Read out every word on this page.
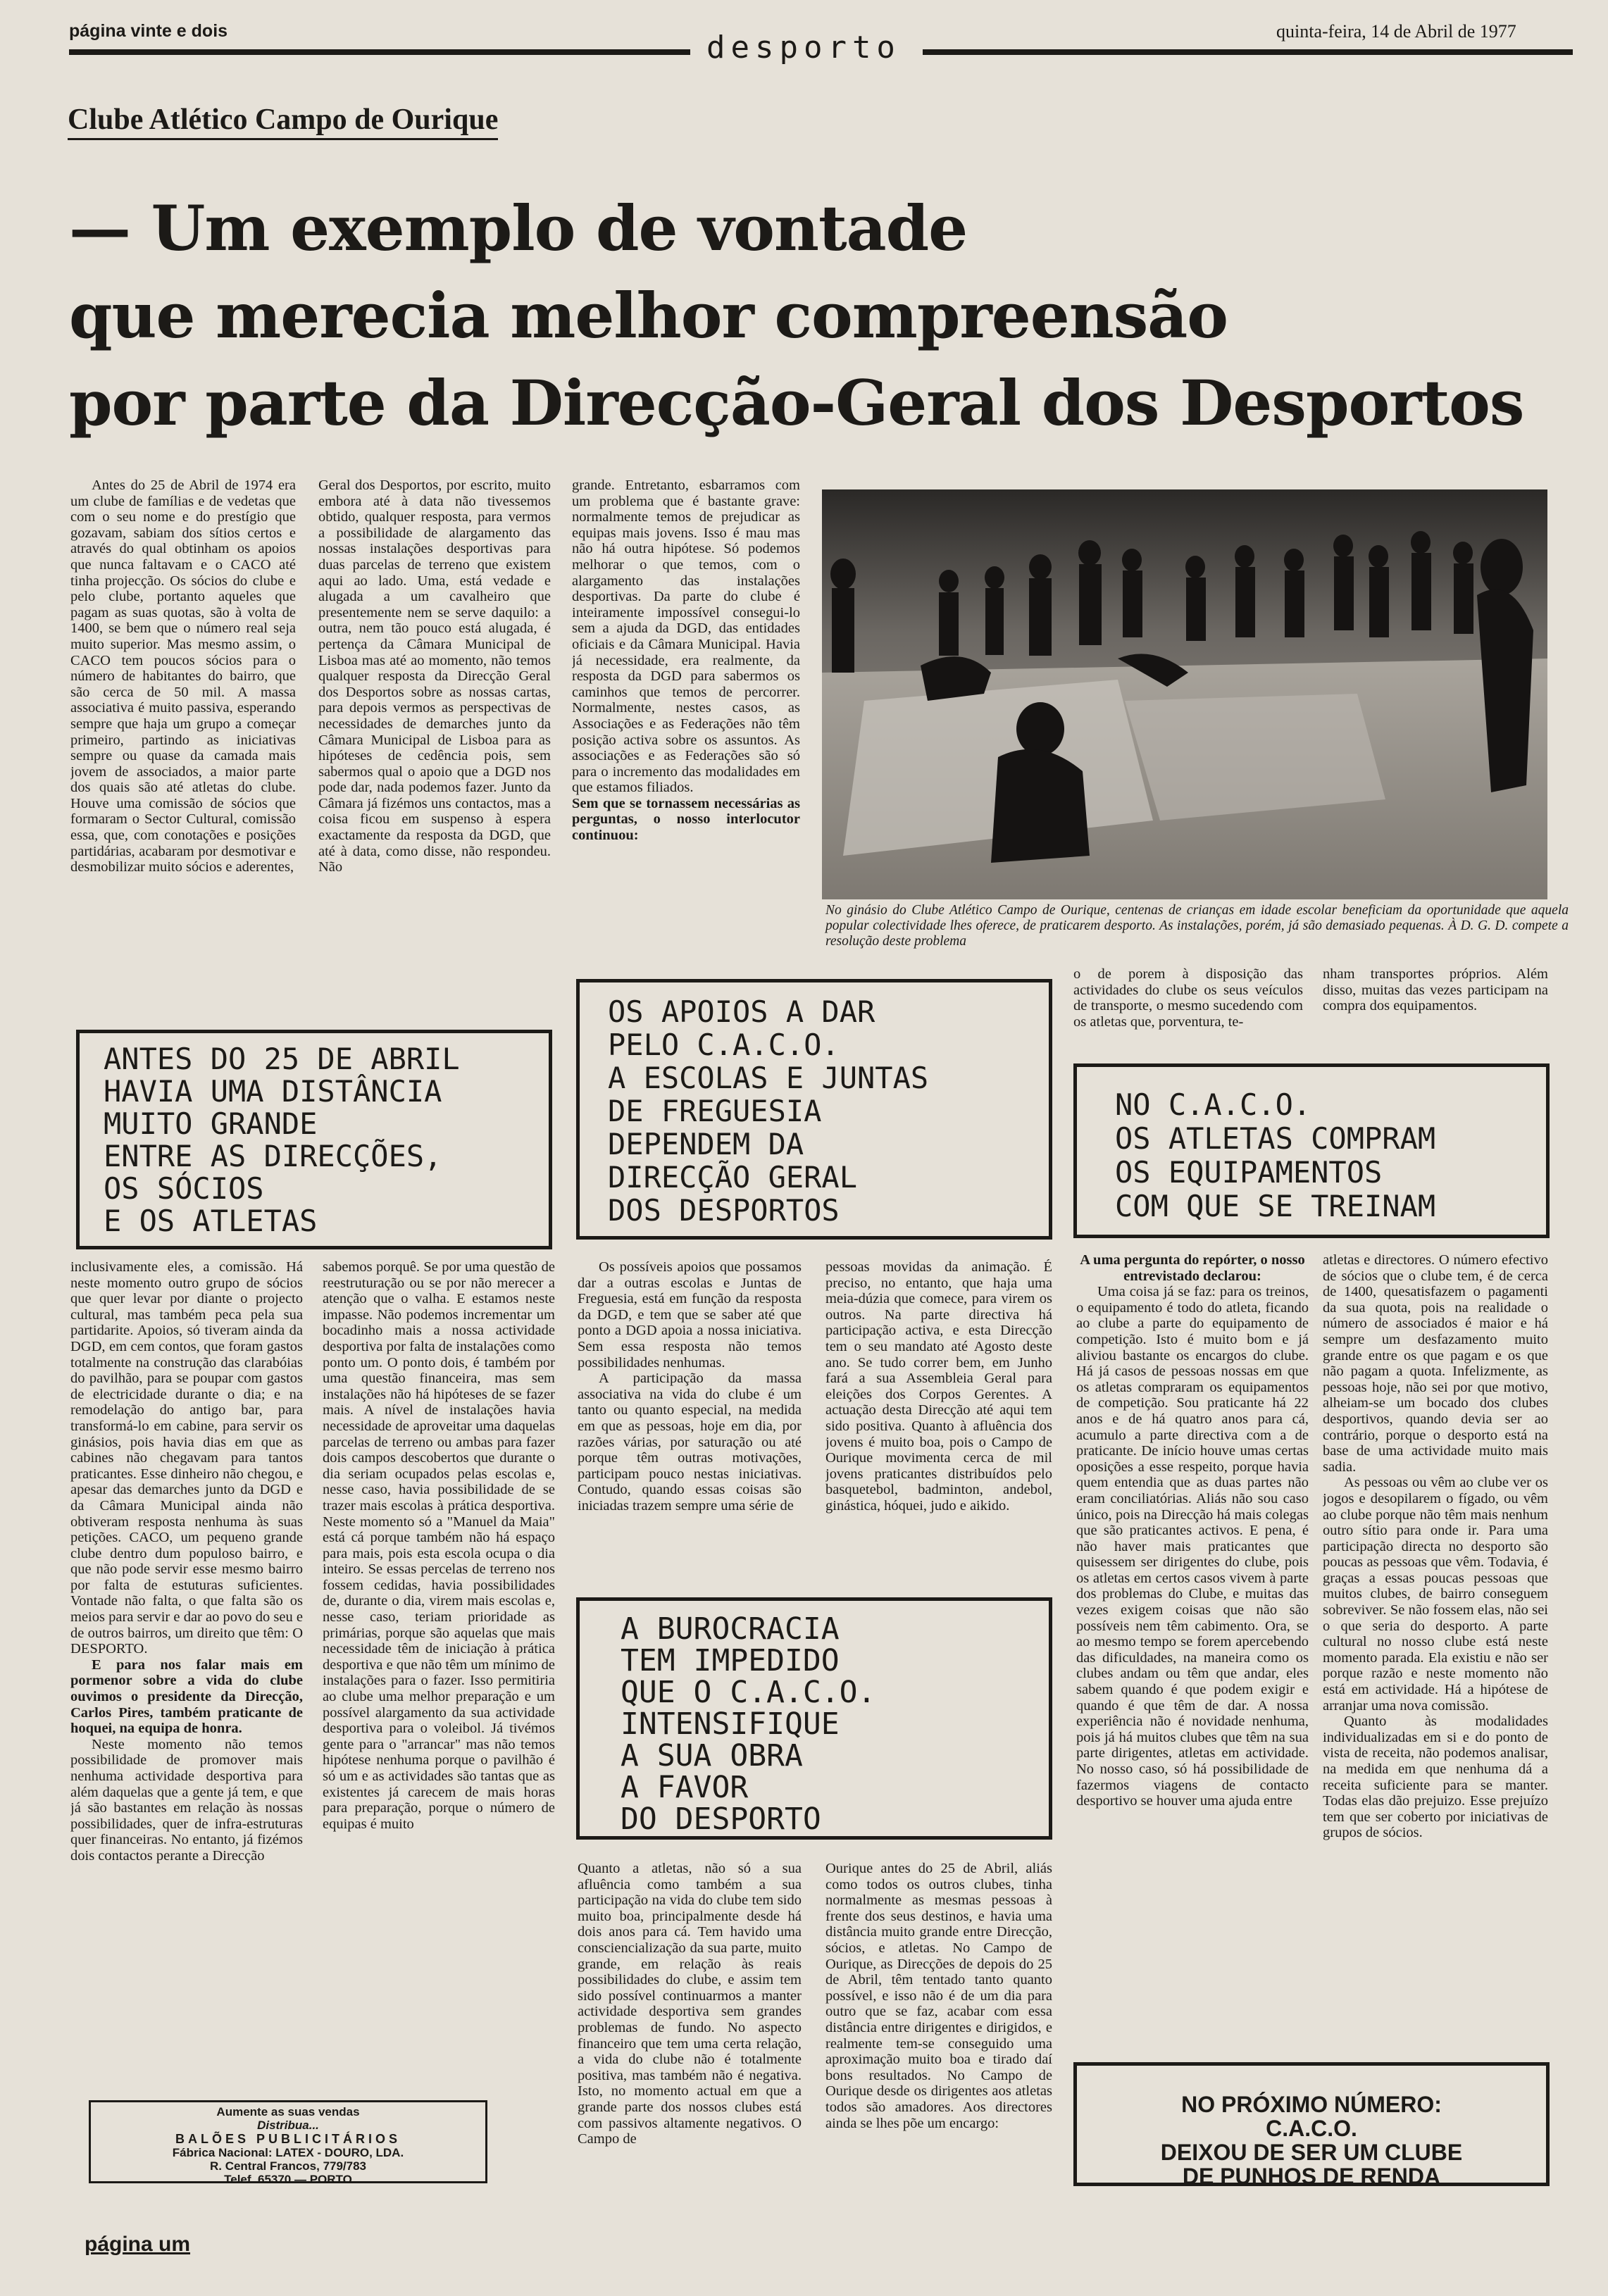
página vinte e dois	quinta-feira, 14 de Abril de 1977
desporto
Clube Atlético Campo de Ourique
— Um exemplo de vontade
que merecia melhor compreensão
por parte da Direcção-Geral dos Desportos

Antes do 25 de Abril de 1974 era um clube de famílias e de vedetas que com o seu nome e do prestígio que gozavam, sabiam dos sítios certos e através do qual obtinham os apoios que nunca faltavam e o CACO até tinha projecção. Os sócios do clube e pelo clube, portanto aqueles que pagam as suas quotas, são à volta de 1400, se bem que o número real seja muito superior. Mas mesmo assim, o CACO tem poucos sócios para o número de habitantes do bairro, que são cerca de 50 mil. A massa associativa é muito passiva, esperando sempre que haja um grupo a começar primeiro, partindo as iniciativas sempre ou quase da camada mais jovem de associados, a maior parte dos quais são até atletas do clube. Houve uma comissão de sócios que formaram o Sector Cultural, comissão essa, que, com conotações e posições partidárias, acabaram por desmotivar e desmobilizar muito sócios e aderentes,

Geral dos Desportos, por escrito, muito embora até à data não tivessemos obtido, qualquer resposta, para vermos a possibilidade de alargamento das nossas instalações desportivas para duas parcelas de terreno que existem aqui ao lado. Uma, está vedade e alugada a um cavalheiro que presentemente nem se serve daquilo: a outra, nem tão pouco está alugada, é pertença da Câmara Municipal de Lisboa mas até ao momento, não temos qualquer resposta da Direcção Geral dos Desportos sobre as nossas cartas, para depois vermos as perspectivas de necessidades de demarches junto da Câmara Municipal de Lisboa para as hipóteses de cedência pois, sem sabermos qual o apoio que a DGD nos pode dar, nada podemos fazer. Junto da Câmara já fizémos uns contactos, mas a coisa ficou em suspenso à espera exactamente da resposta da DGD, que até à data, como disse, não respondeu. Não

grande. Entretanto, esbarramos com um problema que é bastante grave: normalmente temos de prejudicar as equipas mais jovens. Isso é mau mas não há outra hipótese. Só podemos melhorar o que temos, com o alargamento das instalações desportivas. Da parte do clube é inteiramente impossível consegui-lo sem a ajuda da DGD, das entidades oficiais e da Câmara Municipal. Havia já necessidade, era realmente, da resposta da DGD para sabermos os caminhos que temos de percorrer. Normalmente, nestes casos, as Associações e as Federações não têm posição activa sobre os assuntos. As associações e as Federações são só para o incremento das modalidades em que estamos filiados.

Sem que se tornassem necessárias as perguntas, o nosso interlocutor continuou:

No ginásio do Clube Atlético Campo de Ourique, centenas de crianças em idade escolar beneficiam da oportunidade que aquela popular colectividade lhes oferece, de praticarem desporto. As instalações, porém, já são demasiado pequenas. À D. G. D. compete a resolução deste problema

o de porem à disposição das actividades do clube os seus veículos de transporte, o mesmo sucedendo com os atletas que, porventura, te-

nham transportes próprios. Além disso, muitas das vezes participam na compra dos equipamentos.

ANTES DO 25 DE ABRIL
HAVIA UMA DISTÂNCIA
MUITO GRANDE
ENTRE AS DIRECÇÕES,
OS SÓCIOS
E OS ATLETAS
OS APOIOS A DAR
PELO C.A.C.O.
A ESCOLAS E JUNTAS
DE FREGUESIA
DEPENDEM DA
DIRECÇÃO GERAL
DOS DESPORTOS
NO C.A.C.O.
OS ATLETAS COMPRAM
OS EQUIPAMENTOS
COM QUE SE TREINAM
A BUROCRACIA
TEM IMPEDIDO
QUE O C.A.C.O.
INTENSIFIQUE
A SUA OBRA
A FAVOR
DO DESPORTO
NO PRÓXIMO NÚMERO: C.A.C.O.
DEIXOU DE SER UM CLUBE
DE PUNHOS DE RENDA

inclusivamente eles, a comissão. Há neste momento outro grupo de sócios que quer levar por diante o projecto cultural, mas também peca pela sua partidarite. Apoios, só tiveram ainda da DGD, em cem contos, que foram gastos totalmente na construção das clarabóias do pavilhão, para se poupar com gastos de electricidade durante o dia; e na remodelação do antigo bar, para transformá-lo em cabine, para servir os ginásios, pois havia dias em que as cabines não chegavam para tantos praticantes. Esse dinheiro não chegou, e apesar das demarches junto da DGD e da Câmara Municipal ainda não obtiveram resposta nenhuma às suas petições. CACO, um pequeno grande clube dentro dum populoso bairro, e que não pode servir esse mesmo bairro por falta de estuturas suficientes. Vontade não falta, o que falta são os meios para servir e dar ao povo do seu e de outros bairros, um direito que têm: O DESPORTO.

E para nos falar mais em pormenor sobre a vida do clube ouvimos o presidente da Direcção, Carlos Pires, também praticante de hoquei, na equipa de honra.

Neste momento não temos possibilidade de promover mais nenhuma actividade desportiva para além daquelas que a gente já tem, e que já são bastantes em relação às nossas possibilidades, quer de infra-estruturas quer financeiras. No entanto, já fizémos dois contactos perante a Direcção

sabemos porquê. Se por uma questão de reestruturação ou se por não merecer a atenção que o valha. E estamos neste impasse. Não podemos incrementar um bocadinho mais a nossa actividade desportiva por falta de instalações como ponto um. O ponto dois, é também por uma questão financeira, mas sem instalações não há hipóteses de se fazer mais. A nível de instalações havia necessidade de aproveitar uma daquelas parcelas de terreno ou ambas para fazer dois campos descobertos que durante o dia seriam ocupados pelas escolas e, nesse caso, havia possibilidade de se trazer mais escolas à prática desportiva. Neste momento só a "Manuel da Maia" está cá porque também não há espaço para mais, pois esta escola ocupa o dia inteiro. Se essas percelas de terreno nos fossem cedidas, havia possibilidades de, durante o dia, virem mais escolas e, nesse caso, teriam prioridade as primárias, porque são aquelas que mais necessidade têm de iniciação à prática desportiva e que não têm um mínimo de instalações para o fazer. Isso permitiria ao clube uma melhor preparação e um possível alargamento da sua actividade desportiva para o voleibol. Já tivémos gente para o "arrancar" mas não temos hipótese nenhuma porque o pavilhão é só um e as actividades são tantas que as existentes já carecem de mais horas para preparação, porque o número de equipas é muito

Os possíveis apoios que possamos dar a outras escolas e Juntas de Freguesia, está em função da resposta da DGD, e tem que se saber até que ponto a DGD apoia a nossa iniciativa. Sem essa resposta não temos possibilidades nenhumas.

A participação da massa associativa na vida do clube é um tanto ou quanto especial, na medida em que as pessoas, hoje em dia, por razões várias, por saturação ou até porque têm outras motivações, participam pouco nestas iniciativas. Contudo, quando essas coisas são iniciadas trazem sempre uma série de

pessoas movidas da animação. É preciso, no entanto, que haja uma meia-dúzia que comece, para virem os outros. Na parte directiva há participação activa, e esta Direcção tem o seu mandato até Agosto deste ano. Se tudo correr bem, em Junho fará a sua Assembleia Geral para eleições dos Corpos Gerentes. A actuação desta Direcção até aqui tem sido positiva. Quanto à afluência dos jovens é muito boa, pois o Campo de Ourique movimenta cerca de mil jovens praticantes distribuídos pelo basquetebol, badminton, andebol, ginástica, hóquei, judo e aikido.

Quanto a atletas, não só a sua afluência como também a sua participação na vida do clube tem sido muito boa, principalmente desde há dois anos para cá. Tem havido uma consciencialização da sua parte, muito grande, em relação às reais possibilidades do clube, e assim tem sido possível continuarmos a manter actividade desportiva sem grandes problemas de fundo. No aspecto financeiro que tem uma certa relação, a vida do clube não é totalmente positiva, mas também não é negativa. Isto, no momento actual em que a grande parte dos nossos clubes está com passivos altamente negativos. O Campo de

Ourique antes do 25 de Abril, aliás como todos os outros clubes, tinha normalmente as mesmas pessoas à frente dos seus destinos, e havia uma distância muito grande entre Direcção, sócios, e atletas. No Campo de Ourique, as Direcções de depois do 25 de Abril, têm tentado tanto quanto possível, e isso não é de um dia para outro que se faz, acabar com essa distância entre dirigentes e dirigidos, e realmente tem-se conseguido uma aproximação muito boa e tirado daí bons resultados. No Campo de Ourique desde os dirigentes aos atletas todos são amadores. Aos directores ainda se lhes põe um encargo:

A uma pergunta do repórter, o nosso entrevistado declarou:

Uma coisa já se faz: para os treinos, o equipamento é todo do atleta, ficando ao clube a parte do equipamento de competição. Isto é muito bom e já aliviou bastante os encargos do clube. Há já casos de pessoas nossas em que os atletas compraram os equipamentos de competição. Sou praticante há 22 anos e de há quatro anos para cá, acumulo a parte directiva com a de praticante. De início houve umas certas oposições a esse respeito, porque havia quem entendia que as duas partes não eram conciliatórias. Aliás não sou caso único, pois na Direcção há mais colegas que são praticantes activos. E pena, é não haver mais praticantes que quisessem ser dirigentes do clube, pois os atletas em certos casos vivem à parte dos problemas do Clube, e muitas das vezes exigem coisas que não são possíveis nem têm cabimento. Ora, se ao mesmo tempo se forem apercebendo das dificuldades, na maneira como os clubes andam ou têm que andar, eles sabem quando é que podem exigir e quando é que têm de dar. A nossa experiência não é novidade nenhuma, pois já há muitos clubes que têm na sua parte dirigentes, atletas em actividade. No nosso caso, só há possibilidade de fazermos viagens de contacto desportivo se houver uma ajuda entre

atletas e directores. O número efectivo de sócios que o clube tem, é de cerca de 1400, quesatisfazem o pagamenti da sua quota, pois na realidade o número de associados é maior e há sempre um desfazamento muito grande entre os que pagam e os que não pagam a quota. Infelizmente, as pessoas hoje, não sei por que motivo, alheiam-se um bocado dos clubes desportivos, quando devia ser ao contrário, porque o desporto está na base de uma actividade muito mais sadia.

As pessoas ou vêm ao clube ver os jogos e desopilarem o fígado, ou vêm ao clube porque não têm mais nenhum outro sítio para onde ir. Para uma participação directa no desporto são poucas as pessoas que vêm. Todavia, é graças a essas poucas pessoas que muitos clubes, de bairro conseguem sobreviver. Se não fossem elas, não sei o que seria do desporto. A parte cultural no nosso clube está neste momento parada. Ela existiu e não ser porque razão e neste momento não está em actividade. Há a hipótese de arranjar uma nova comissão.

Quanto às modalidades individualizadas em si e do ponto de vista de receita, não podemos analisar, na medida em que nenhuma dá a receita suficiente para se manter. Todas elas dão prejuizo. Esse prejuízo tem que ser coberto por iniciativas de grupos de sócios.

Aumente as suas vendas
Distribua...
BALÕES PUBLICITÁRIOS
Fábrica Nacional: LATEX - DOURO, LDA.
R. Central Francos, 779/783
Telef. 65370 — PORTO
página um
